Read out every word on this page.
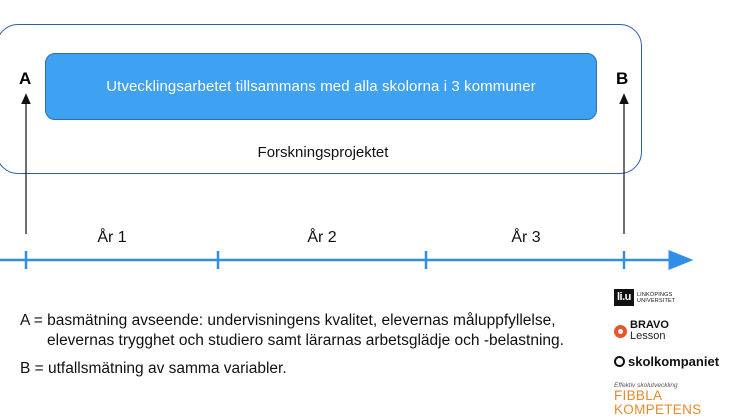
Utvecklingsarbetet tillsammans med alla skolorna i 3 kommuner
Forskningsprojektet
A	B
År 1	År 2	År 3
A = basmätning avseende: undervisningens kvalitet, elevernas måluppfyllelse,
elevernas trygghet och studiero samt lärarnas arbetsglädje och -belastning.
B = utfallsmätning av samma variabler.
li.u	LINKÖPINGS UNIVERSITET
BRAVO
Lesson
skolkompaniet
Effektiv skolutveckling
FIBBLA KOMPETENS
